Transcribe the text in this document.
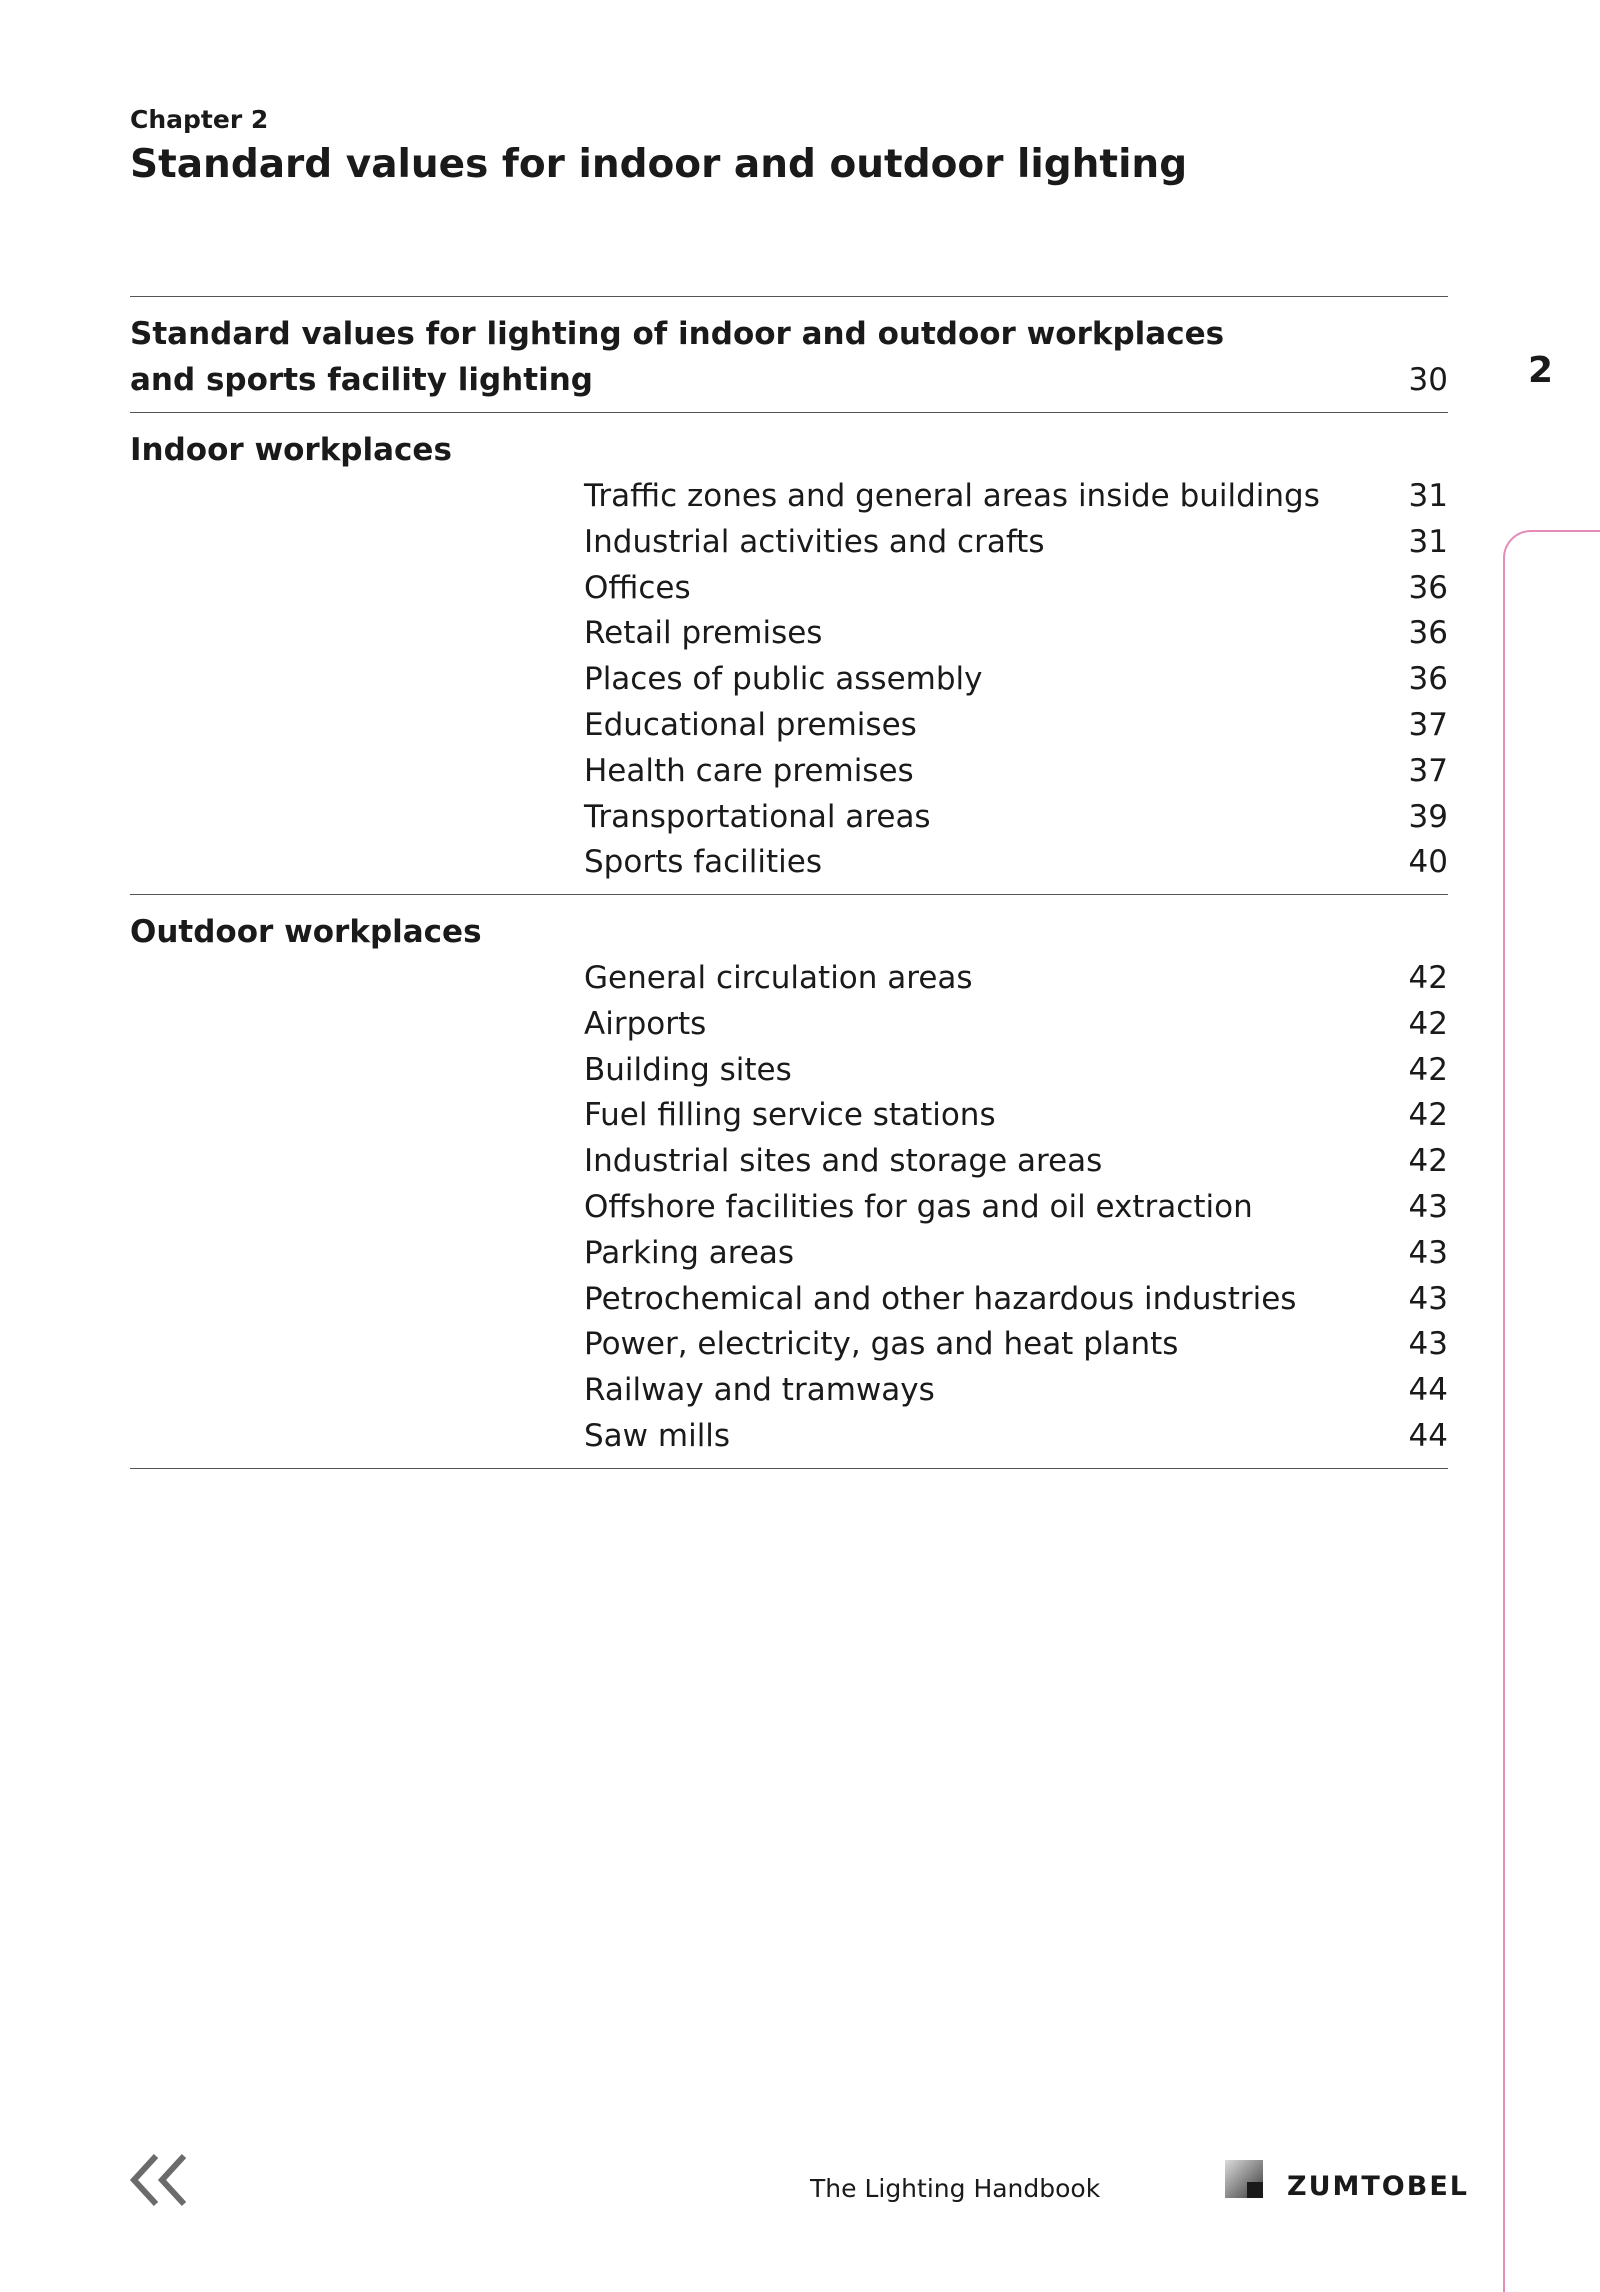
Chapter 2
Standard values for indoor and outdoor lighting
Standard values for lighting of indoor and outdoor workplaces
and sports facility lighting	30
Indoor workplaces
Traffic zones and general areas inside buildings	31
Industrial activities and crafts	31
Offices	36
Retail premises	36
Places of public assembly	36
Educational premises	37
Health care premises	37
Transportational areas	39
Sports facilities	40
Outdoor workplaces
General circulation areas	42
Airports	42
Building sites	42
Fuel filling service stations	42
Industrial sites and storage areas	42
Offshore facilities for gas and oil extraction	43
Parking areas	43
Petrochemical and other hazardous industries	43
Power, electricity, gas and heat plants	43
Railway and tramways	44
Saw mills	44
2
The Lighting Handbook	ZUMTOBEL
